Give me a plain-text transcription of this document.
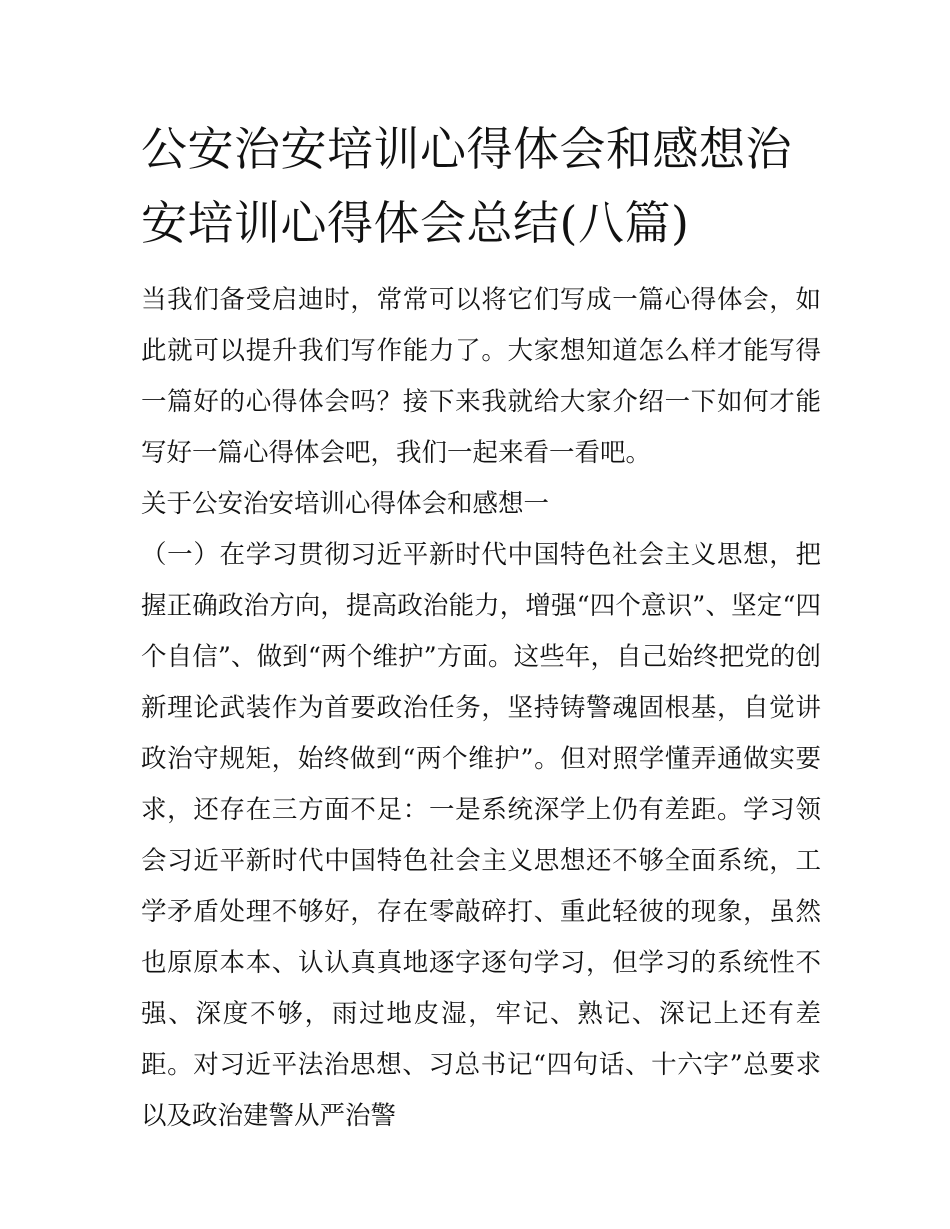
公安治安培训心得体会和感想治安培训心得体会总结(八篇)

当我们备受启迪时，常常可以将它们写成一篇心得体会，如此就可以提升我们写作能力了。大家想知道怎么样才能写得一篇好的心得体会吗？接下来我就给大家介绍一下如何才能写好一篇心得体会吧，我们一起来看一看吧。

关于公安治安培训心得体会和感想一

（一）在学习贯彻习近平新时代中国特色社会主义思想，把握正确政治方向，提高政治能力，增强“四个意识”、坚定“四个自信”、做到“两个维护”方面。这些年，自己始终把党的创新理论武装作为首要政治任务，坚持铸警魂固根基，自觉讲政治守规矩，始终做到“两个维护”。但对照学懂弄通做实要求，还存在三方面不足：一是系统深学上仍有差距。学习领会习近平新时代中国特色社会主义思想还不够全面系统，工学矛盾处理不够好，存在零敲碎打、重此轻彼的现象，虽然也原原本本、认认真真地逐字逐句学习，但学习的系统性不强、深度不够，雨过地皮湿，牢记、熟记、深记上还有差距。对习近平法治思想、习总书记“四句话、十六字”总要求以及政治建警从严治警
